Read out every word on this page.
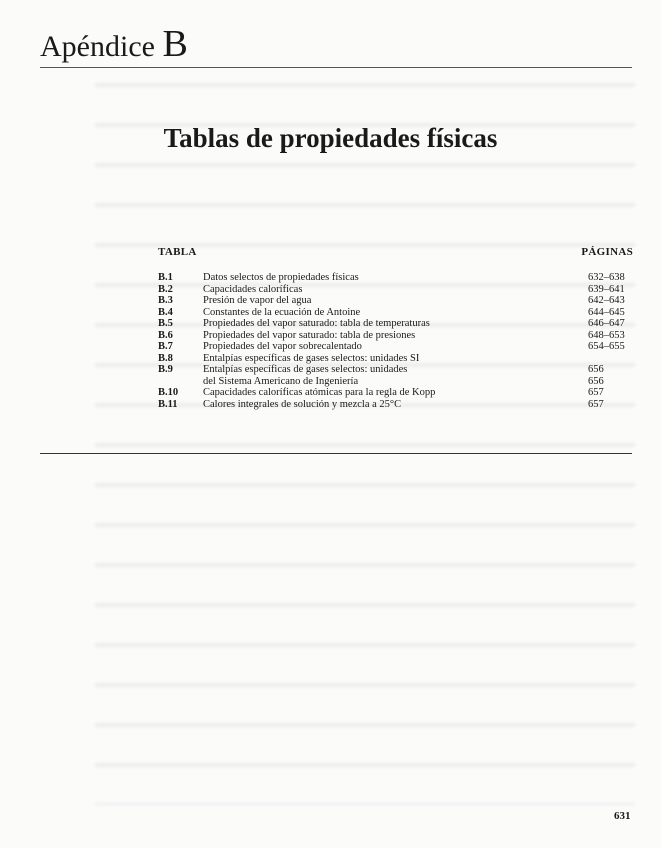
Apéndice B
Tablas de propiedades físicas
TABLA	PÁGINAS
B.1	Datos selectos de propiedades físicas	632–638
B.2	Capacidades caloríficas	639–641
B.3	Presión de vapor del agua	642–643
B.4	Constantes de la ecuación de Antoine	644–645
B.5	Propiedades del vapor saturado: tabla de temperaturas	646–647
B.6	Propiedades del vapor saturado: tabla de presiones	648–653
B.7	Propiedades del vapor sobrecalentado	654–655
B.8	Entalpías específicas de gases selectos: unidades SI
B.9	Entalpías específicas de gases selectos: unidades	656
del Sistema Americano de Ingeniería	656
B.10 Capacidades caloríficas atómicas para la regla de Kopp	657
B.11 Calores integrales de solución y mezcla a 25°C	657
631
